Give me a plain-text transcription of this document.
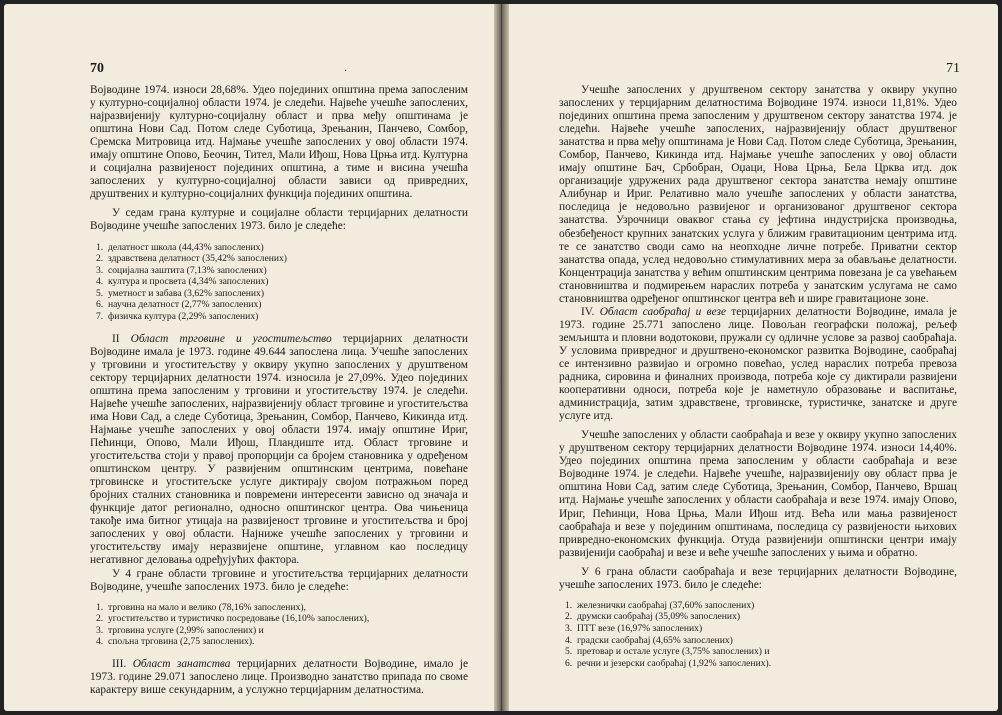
70	·

Војводине 1974. износи 28,68%. Удео појединих општина према запосленим у културно-социјалној области 1974. је следећи. Највеће учешће запослених, најразвијенију културно-социјалну област и прва међу општинама је општина Нови Сад. Потом следе Суботица, Зрењанин, Панчево, Сомбор, Сремска Митровица итд. Најмање учешће запослених у овој области 1974. имају општине Опово, Беочин, Тител, Мали Иђош, Нова Црња итд. Културна и социјална развијеност појединих општина, а тиме и висина учешћа запослених у културно-социјалној области зависи од привредних, друштвених и културно-социјалних функција појединих општина.

У седам грана културне и социјалне области терцијарних делатности Војводине учешће запослених 1973. било је следеће:

1. делатност школа (44,43% запослених)
2. здравствена делатност (35,42% запослених)
3. социјална заштита (7,13% запослених)
4. култура и просвета (4,34% запослених)
5. уметност и забава (3,62% запослених)
6. научна делатност (2,77% запослених)
7. физичка култура (2,29% запослених)

II Област трговине и угоститељство терцијарних делатности Војводине имала је 1973. године 49.644 запослена лица. Учешће запослених у трговини и угоститељству у оквиру укупно запослених у друштвеном сектору терцијарних делатности 1974. износила је 27,09%. Удео појединих општина према запосленим у трговини и угоститељству 1974. је следећи. Највеће учешће запослених, најразвијенију област трговине и угоститељства има Нови Сад, а следе Суботица, Зрењанин, Сомбор, Панчево, Кикинда итд. Најмање учешће запослених у овој области 1974. имају општине Ириг, Пећинци, Опово, Мали Иђош, Пландиште итд. Област трговине и угоститељства стоји у правој пропорцији са бројем становника у одређеном општинском центру. У развијеним општинским центрима, повећане трговинске и угоститељске услуге диктирају својом потражњом поред бројних сталних становника и повремени интересенти зависно од значаја и функције датог регионално, односно општинског центра. Ова чињеница такође има битног утицаја на развијеност трговине и угоститељства и број запослених у овој области. Најниже учешће запослених у трговини и угоститељству имају неразвијене општине, углавном као последицу негативног деловања одређујућих фактора.

У 4 гране области трговине и угоститељства терцијарних делатности Војводине, учешће запослених 1973. било је следеће:

1. трговина на мало и велико (78,16% запослених),
2. угоститељство и туристичко посредовање (16,10% запослених),
3. трговина услуге (2,99% запослених) и
4. спољна трговина (2,75 запослених).

III. Област занатства терцијарних делатности Војводине, имало је 1973. године 29.071 запослено лице. Производно занатство припада по своме карактеру више секундарним, а услужно терцијарним делатностима.

71

Учешће запослених у друштвеном сектору занатства у оквиру укупно запослених у терцијарним делатностима Војводине 1974. износи 11,81%. Удео појединих општина према запосленим у друштвеном сектору занатства 1974. је следећи. Највеће учешће запослених, најразвијенију област друштвеног занатства и прва међу општинама је Нови Сад. Потом следе Суботица, Зрењанин, Сомбор, Панчево, Кикинда итд. Најмање учешће запослених у овој области имају општине Бач, Србобран, Оџаци, Нова Црња, Бела Црква итд. док организације удружених рада друштвеног сектора занатства немају општине Алибунар и Ириг. Релативно мало учешће запослених у области занатства, последица је недовољно развијеног и организованог друштвеног сектора занатства. Узрочници оваквог стања су јефтина индустријска производња, обезбеђеност крупних занатских услуга у ближим гравитационим центрима итд. те се занатство своди само на неопходне личне потребе. Приватни сектор занатства опада, услед недовољно стимулативних мера за обављање делатности. Концентрација занатства у већим општинским центрима повезана је са увећањем становништва и подмирењем нараслих потреба у занатским услугама не само становништва одређеног општинског центра већ и шире гравитационе зоне.

IV. Област саобраћај и везе терцијарних делатности Војводине, имала је 1973. године 25.771 запослено лице. Повољан географски положај, рељеф земљишта и пловни водотокови, пружали су одличне услове за развој саобраћаја. У условима привредног и друштвено-економског развитка Војводине, саобраћај се интензивно развијао и огромно повећао, услед нараслих потреба превоза радника, сировина и финалних производа, потреба које су диктирали развијени кооперативни односи, потреба које је наметнуло образовање и васпитање, администрација, затим здравствене, трговинске, туристичке, занатске и друге услуге итд.

Учешће запослених у области саобраћаја и везе у оквиру укупно запослених у друштвеном сектору терцијарних делатности Војводине 1974. износи 14,40%. Удео појединих општина према запосленим у области саобраћаја и везе Војводине 1974. је следећи. Највеће учешће, најразвијенију ову област прва је општина Нови Сад, затим следе Суботица, Зрењанин, Сомбор, Панчево, Вршац итд. Најмање учешће запослених у области саобраћаја и везе 1974. имају Опово, Ириг, Пећинци, Нова Црња, Мали Иђош итд. Већа или мања развијеност саобраћаја и везе у појединим општинама, последица су развијености њихових привредно-економских функција. Отуда развијенији општински центри имају развијенији саобраћај и везе и веће учешће запослених у њима и обратно.

У 6 грана области саобраћаја и везе терцијарних делатности Војводине, учешће запослених 1973. било је следеће:

1. железнички саобраћај (37,60% запослених)
2. друмски саобраћај (35,09% запослених)
3. ПТТ везе (16,97% запослених)
4. градски саобраћај (4,65% запослених)
5. претовар и остале услуге (3,75% запослених) и
6. речни и језерски саобраћај (1,92% запослених).
